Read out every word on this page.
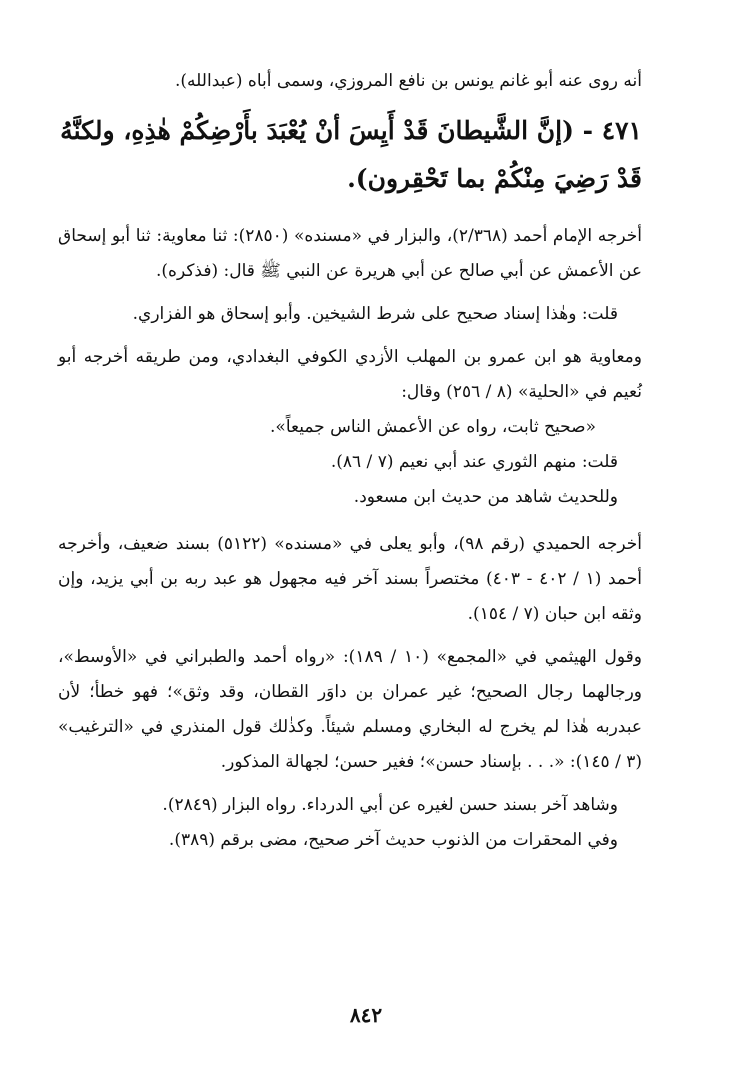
أنه روى عنه أبو غانم يونس بن نافع المروزي، وسمى أباه (عبدالله).

٤٧١ - (إنَّ الشَّيطانَ قَدْ أَيِسَ أنْ يُعْبَدَ بأَرْضِكُمْ هٰذِهِ، ولكنَّهُ قَدْ رَضِيَ مِنْكُمْ بما تَحْقِرون).

أخرجه الإمام أحمد (٢/٣٦٨)، والبزار في «مسنده» (٢٨٥٠): ثنا معاوية: ثنا أبو إسحاق عن الأعمش عن أبي صالح عن أبي هريرة عن النبي ﷺ قال: (فذكره).

قلت: وهٰذا إسناد صحيح على شرط الشيخين. وأبو إسحاق هو الفزاري.

ومعاوية هو ابن عمرو بن المهلب الأزدي الكوفي البغدادي، ومن طريقه أخرجه أبو نُعيم في «الحلية» (٨ / ٢٥٦) وقال:

«صحيح ثابت، رواه عن الأعمش الناس جميعاً».

قلت: منهم الثوري عند أبي نعيم (٧ / ٨٦).

وللحديث شاهد من حديث ابن مسعود.

أخرجه الحميدي (رقم ٩٨)، وأبو يعلى في «مسنده» (٥١٢٢) بسند ضعيف، وأخرجه أحمد (١ / ٤٠٢ - ٤٠٣) مختصراً بسند آخر فيه مجهول هو عبد ربه بن أبي يزيد، وإن وثقه ابن حبان (٧ / ١٥٤).

وقول الهيثمي في «المجمع» (١٠ / ١٨٩): «رواه أحمد والطبراني في «الأوسط»، ورجالهما رجال الصحيح؛ غير عمران بن داوَر القطان، وقد وثق»؛ فهو خطأ؛ لأن عبدربه هٰذا لم يخرج له البخاري ومسلم شيئاً. وكذٰلك قول المنذري في «الترغيب» (٣ / ١٤٥): «. . . بإسناد حسن»؛ فغير حسن؛ لجهالة المذكور.

وشاهد آخر بسند حسن لغيره عن أبي الدرداء. رواه البزار (٢٨٤٩).

وفي المحقرات من الذنوب حديث آخر صحيح، مضى برقم (٣٨٩).

٨٤٢
